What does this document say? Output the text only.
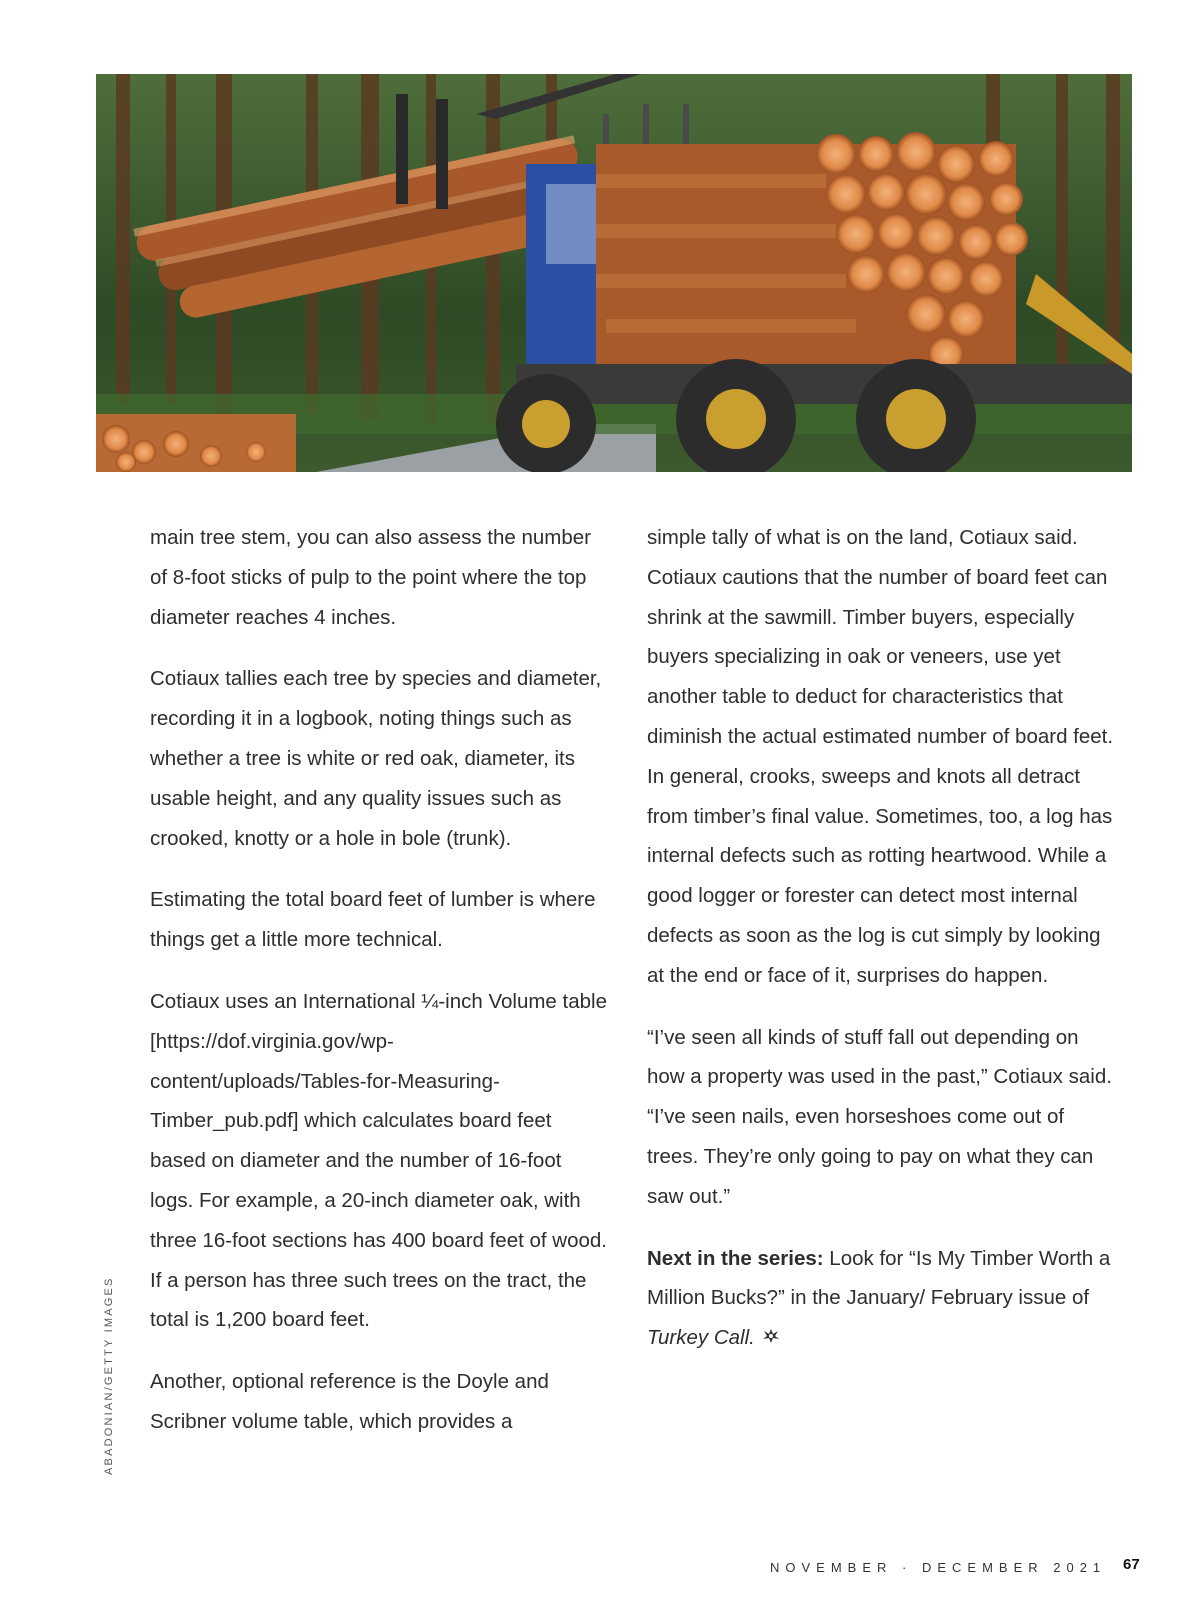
main tree stem, you can also assess the number of 8-foot sticks of pulp to the point where the top diameter reaches 4 inches.

Cotiaux tallies each tree by species and diameter, recording it in a logbook, noting things such as whether a tree is white or red oak, diameter, its usable height, and any quality issues such as crooked, knotty or a hole in bole (trunk).

Estimating the total board feet of lumber is where things get a little more technical.

Cotiaux uses an International ¼-inch Volume table [https://dof.virginia.gov/wp-content/uploads/Tables-for-Measuring-Timber_pub.pdf] which calculates board feet based on diameter and the number of 16-foot logs. For example, a 20-inch diameter oak, with three 16-foot sections has 400 board feet of wood. If a person has three such trees on the tract, the total is 1,200 board feet.

Another, optional reference is the Doyle and Scribner volume table, which provides a

simple tally of what is on the land, Cotiaux said. Cotiaux cautions that the number of board feet can shrink at the sawmill. Timber buyers, especially buyers specializing in oak or veneers, use yet another table to deduct for characteristics that diminish the actual estimated number of board feet. In general, crooks, sweeps and knots all detract from timber’s final value. Sometimes, too, a log has internal defects such as rotting heartwood. While a good logger or forester can detect most internal defects as soon as the log is cut simply by looking at the end or face of it, surprises do happen.

“I’ve seen all kinds of stuff fall out depending on how a property was used in the past,” Cotiaux said. “I’ve seen nails, even horseshoes come out of trees. They’re only going to pay on what they can saw out.”

Next in the series: Look for “Is My Timber Worth a Million Bucks?” in the January/ February issue of Turkey Call.

ABADONIAN/GETTY IMAGES
NOVEMBER · DECEMBER 2021 67
